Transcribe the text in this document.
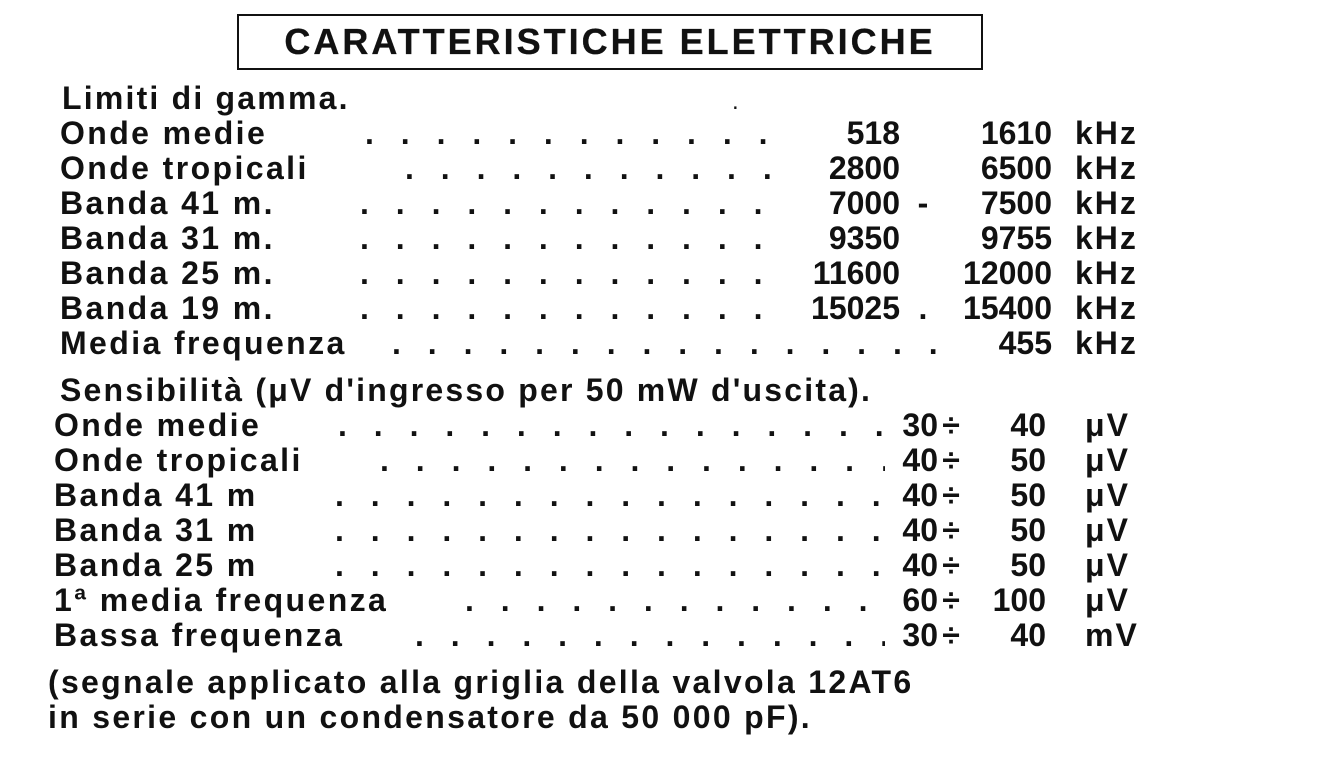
CARATTERISTICHE ELETTRICHE
.
Limiti di gamma.
Onde medie . . .	518	1610 kHz
Onde tropicali . . .	2800	6500 kHz
Banda 41 m. . . .	7000 -	7500 kHz
Banda 31 m. . . .	9350	9755 kHz
Banda 25 m. . . .	11600	12000 kHz
Banda 19 m. . . .	15025 .	15400 kHz
Media frequenza . . .	455 kHz
Sensibilità (μV d'ingresso per 50 mW d'uscita).
Onde medie . . .	30 ÷	40 μV
Onde tropicali . . .	40 ÷	50 μV
Banda 41 m . . .	40 ÷	50 μV
Banda 31 m . . .	40 ÷	50 μV
Banda 25 m . . .	40 ÷	50 μV
1ª media frequenza . . .	60 ÷	100 μV
Bassa frequenza . . .	30 ÷	40 mV
(segnale applicato alla griglia della valvola 12AT6
in serie con un condensatore da 50 000 pF).
